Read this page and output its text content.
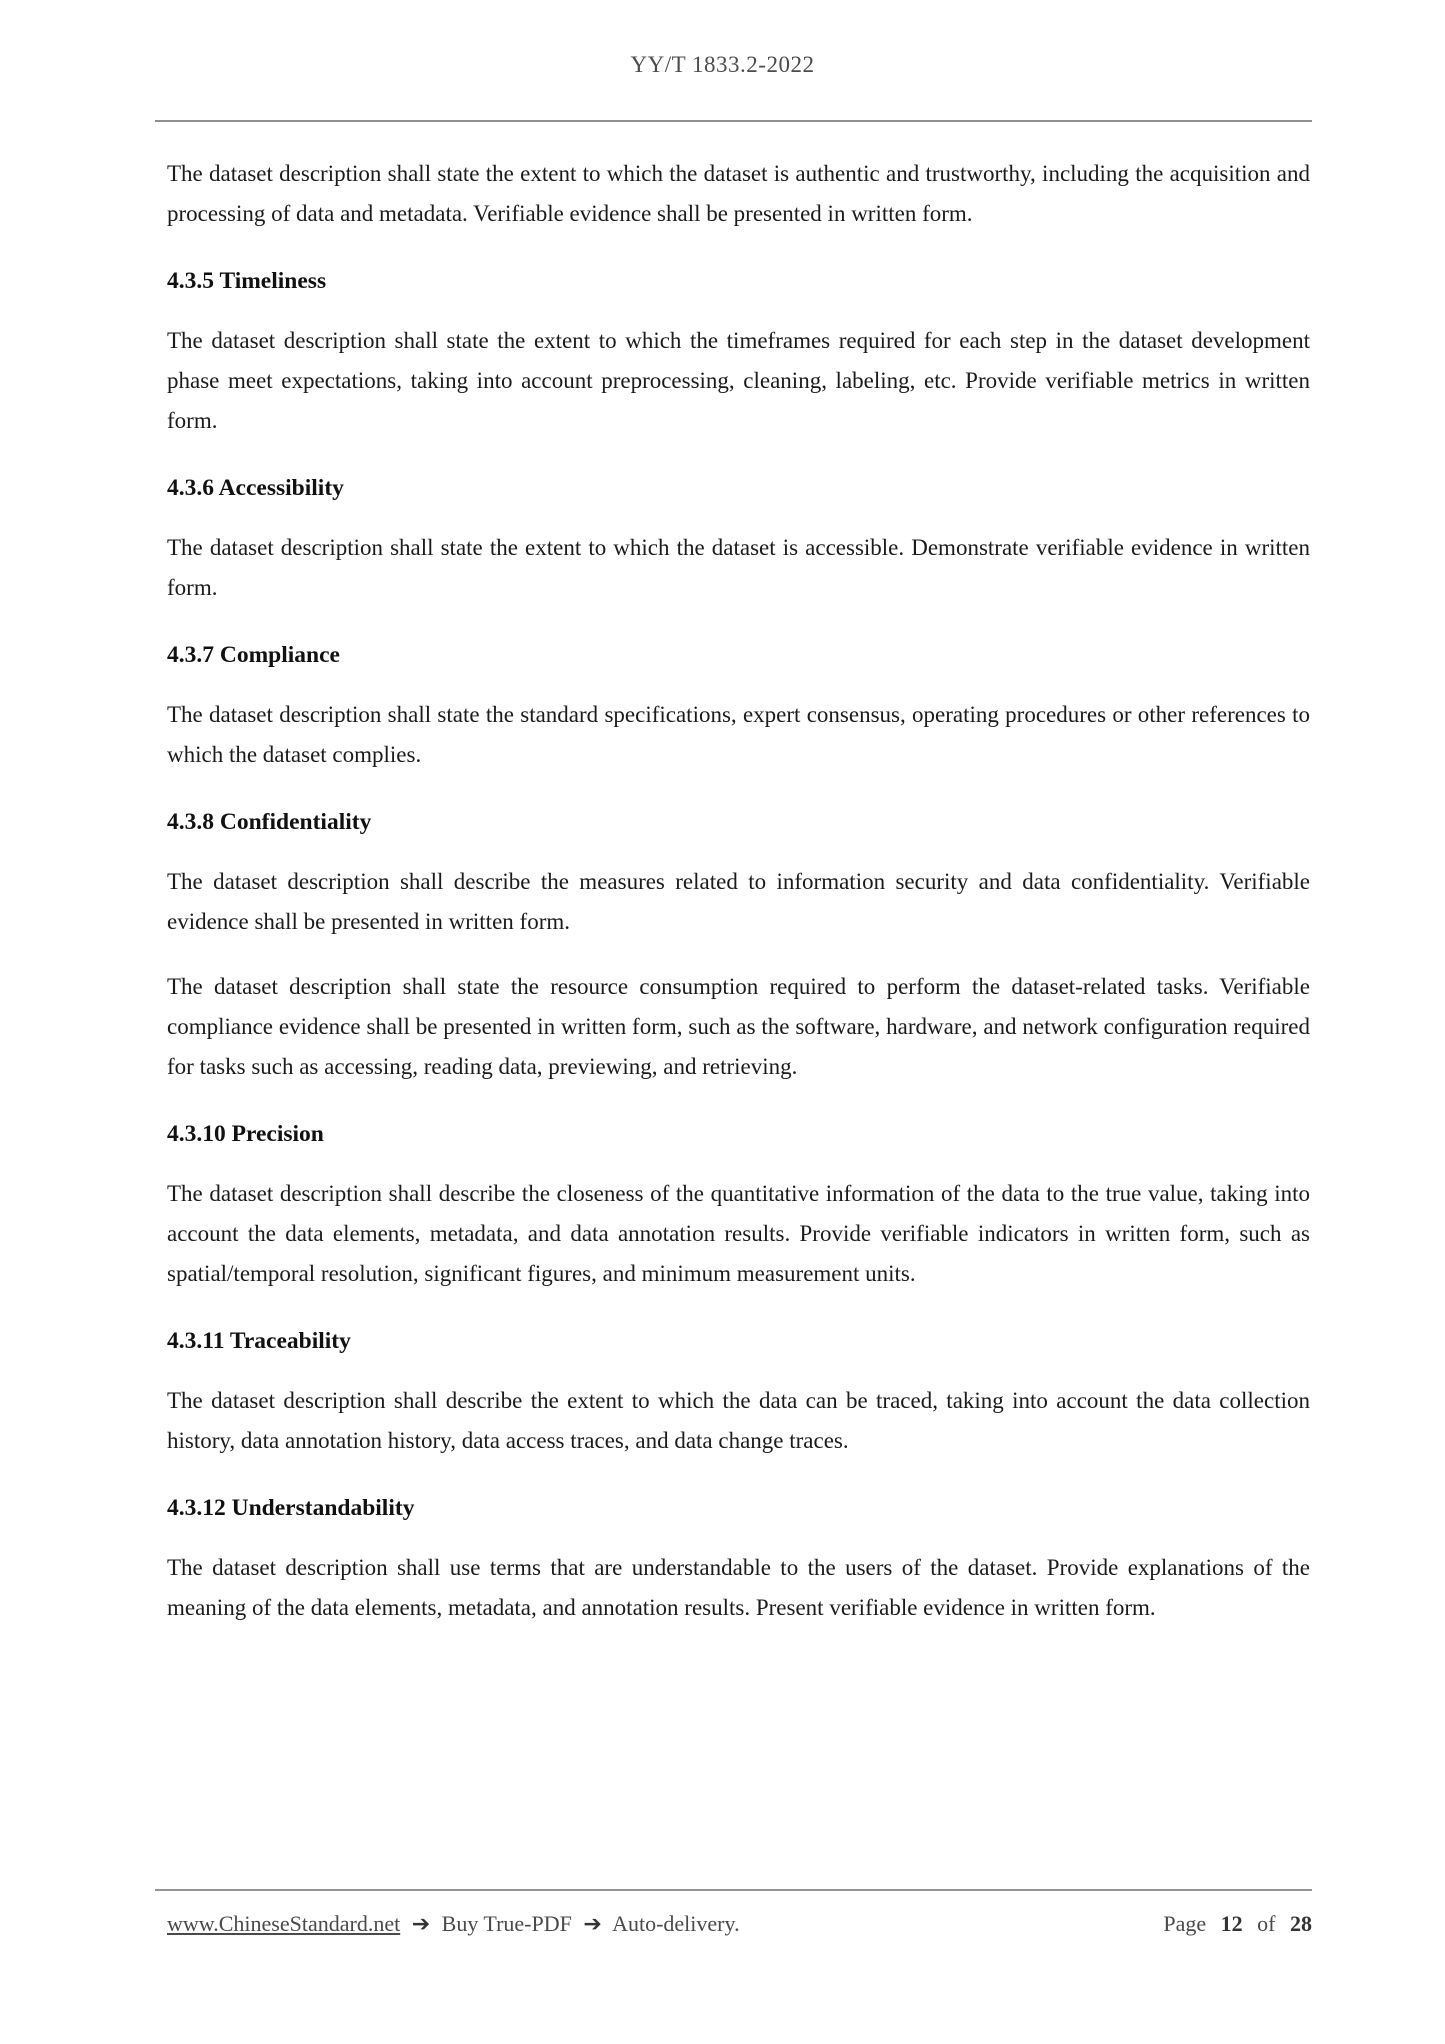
YY/T 1833.2-2022

The dataset description shall state the extent to which the dataset is authentic and trustworthy, including the acquisition and processing of data and metadata. Verifiable evidence shall be presented in written form.

4.3.5 Timeliness

The dataset description shall state the extent to which the timeframes required for each step in the dataset development phase meet expectations, taking into account preprocessing, cleaning, labeling, etc. Provide verifiable metrics in written form.

4.3.6 Accessibility

The dataset description shall state the extent to which the dataset is accessible. Demonstrate verifiable evidence in written form.

4.3.7 Compliance

The dataset description shall state the standard specifications, expert consensus, operating procedures or other references to which the dataset complies.

4.3.8 Confidentiality

The dataset description shall describe the measures related to information security and data confidentiality. Verifiable evidence shall be presented in written form.

The dataset description shall state the resource consumption required to perform the dataset-related tasks. Verifiable compliance evidence shall be presented in written form, such as the software, hardware, and network configuration required for tasks such as accessing, reading data, previewing, and retrieving.

4.3.10 Precision

The dataset description shall describe the closeness of the quantitative information of the data to the true value, taking into account the data elements, metadata, and data annotation results. Provide verifiable indicators in written form, such as spatial/temporal resolution, significant figures, and minimum measurement units.

4.3.11 Traceability

The dataset description shall describe the extent to which the data can be traced, taking into account the data collection history, data annotation history, data access traces, and data change traces.

4.3.12 Understandability

The dataset description shall use terms that are understandable to the users of the dataset. Provide explanations of the meaning of the data elements, metadata, and annotation results. Present verifiable evidence in written form.

www.ChineseStandard.net ➔ Buy True-PDF ➔ Auto-delivery.	Page 12 of 28
